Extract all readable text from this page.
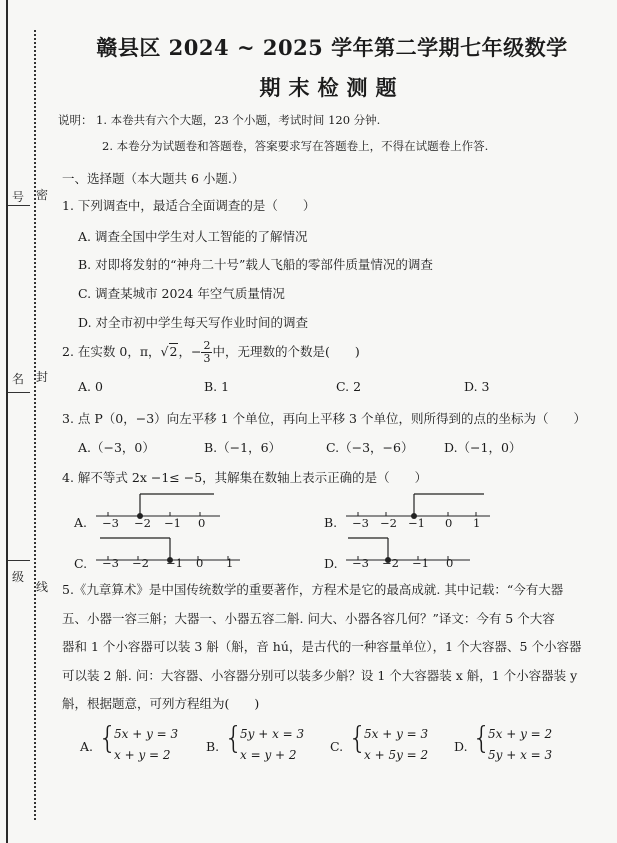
号 密
名 封
级
线
赣县区 2024 ~ 2025 学年第二学期七年级数学
期末检测题
说明： 1. 本卷共有六个大题，23 个小题，考试时间 120 分钟.
2. 本卷分为试题卷和答题卷，答案要求写在答题卷上，不得在试题卷上作答.
一、选择题（本大题共 6 小题.）
1. 下列调查中，最适合全面调查的是（　　）
A. 调查全国中学生对人工智能的了解情况
B. 对即将发射的“神舟二十号”载人飞船的零部件质量情况的调查
C. 调查某城市 2024 年空气质量情况
D. 对全市初中学生每天写作业时间的调查
2. 在实数 0，π，√2，− $\frac{2}{3}$ 中，无理数的个数是(　　)
A. 0	B. 1	C. 2	D. 3
3. 点 P（0，−3）向左平移 1 个单位，再向上平移 3 个单位，则所得到的点的坐标为（　　）
A.（−3，0）	B.（−1，6）	C.（−3，−6） D.（−1，0）
4. 解不等式 2x −1≤ −5，其解集在数轴上表示正确的是（　　）
A. −3 −2 −1 0	B. −3 −2 −1 0 1
C. −3 −2 −1 0 1	D. −3 −2 −1 0
5.《九章算术》是中国传统数学的重要著作，方程术是它的最高成就. 其中记载：“今有大器
五、小器一容三斛；大器一、小器五容二斛. 问大、小器各容几何？”译文：今有 5 个大容
器和 1 个小容器可以装 3 斛（斛，音 hú，是古代的一种容量单位），1 个大容器、5 个小容器
可以装 2 斛. 问：大容器、小容器分别可以装多少斛？设 1 个大容器装 x 斛，1 个小容器装 y
斛，根据题意，可列方程组为(　　)
A. {
5x + y = 3
x + y = 2
B. {
5y + x = 3
x = y + 2
C. {
5x + y = 3
x + 5y = 2
D. {
5x + y = 2
5y + x = 3
